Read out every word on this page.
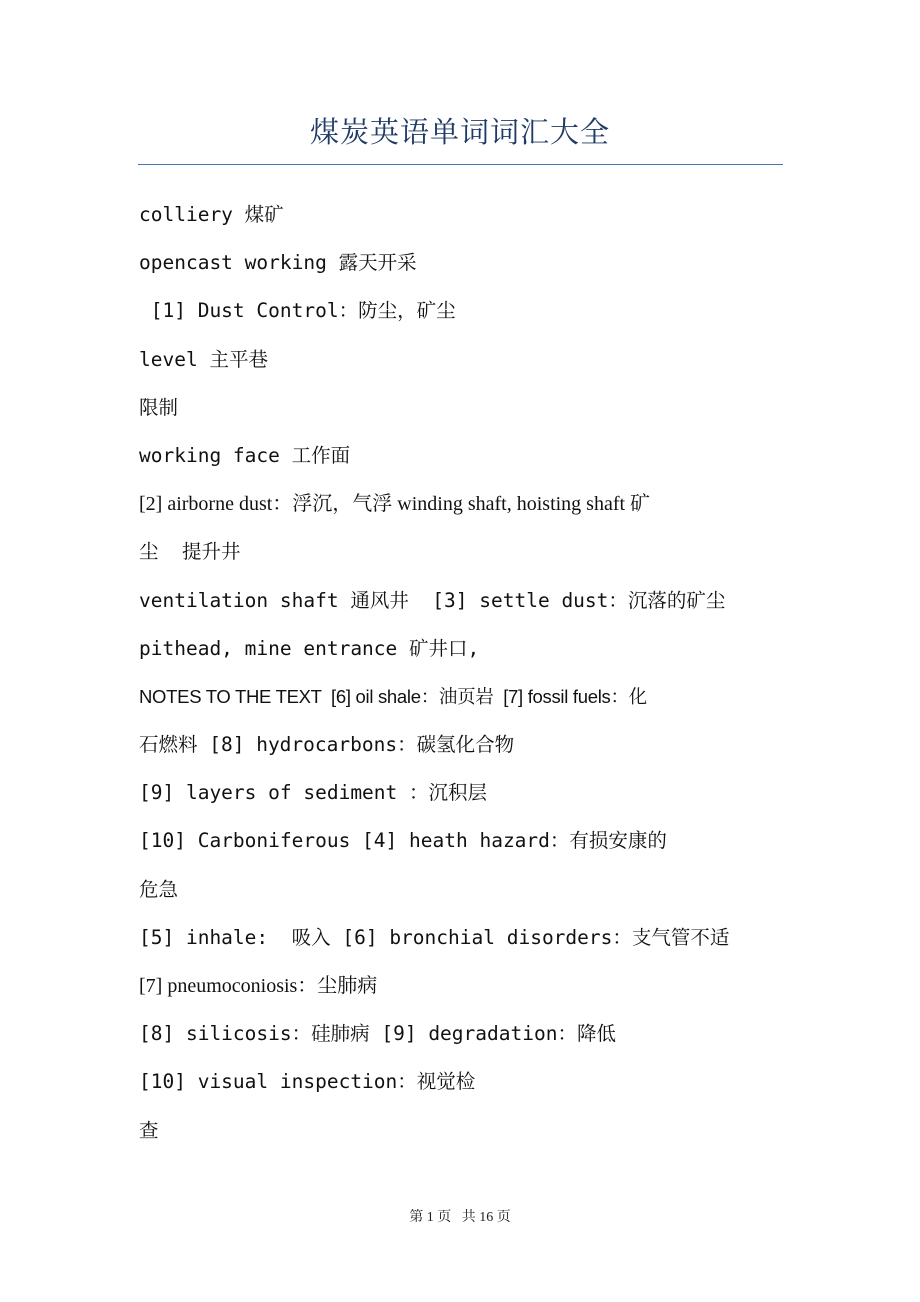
煤炭英语单词词汇大全
colliery 煤矿
opencast working 露天开采
[1] Dust Control：防尘，矿尘
level 主平巷
限制
working face 工作面
[2] airborne dust：浮沉，气浮 winding shaft, hoisting shaft 矿
尘  提升井
ventilation shaft 通风井  [3] settle dust：沉落的矿尘
pithead, mine entrance 矿井口,
NOTES TO THE TEXT  [6] oil shale：油页岩  [7] fossil fuels：化
石燃料 [8] hydrocarbons：碳氢化合物
[9] layers of sediment ：沉积层
[10] Carboniferous [4] heath hazard：有损安康的
危急
[5] inhale:  吸入 [6] bronchial disorders：支气管不适
[7] pneumoconiosis：尘肺病
[8] silicosis：硅肺病 [9] degradation：降低
[10] visual inspection：视觉检
查
第 1 页 共 16 页
